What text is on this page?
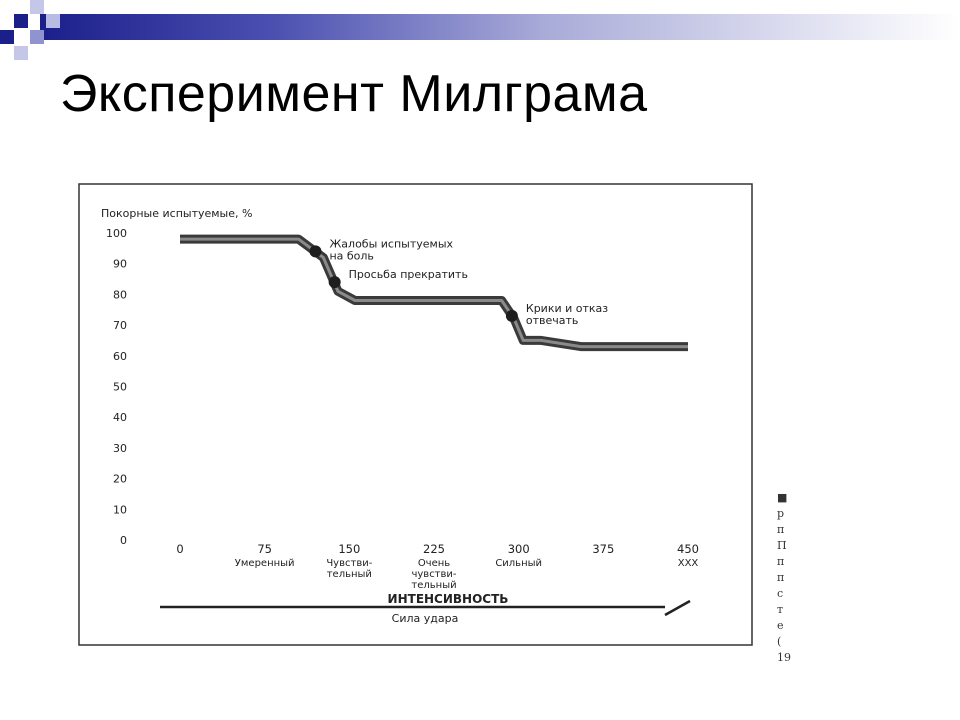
Эксперимент Милграма
Покорные испытуемые, %
0
10
20
30
40
50
60
70
80
90
100
0	75
Умеренный
150
Чувстви-
тельный
225
Очень
чувстви-
тельный
300
Сильный
375	450
XXX
Жалобы испытуемых
на боль
Просьба прекратить
Крики и отказ
отвечать
ИНТЕНСИВНОСТЬ
Сила удара
■
р
п
П
п
п
с
т
e
(
19
